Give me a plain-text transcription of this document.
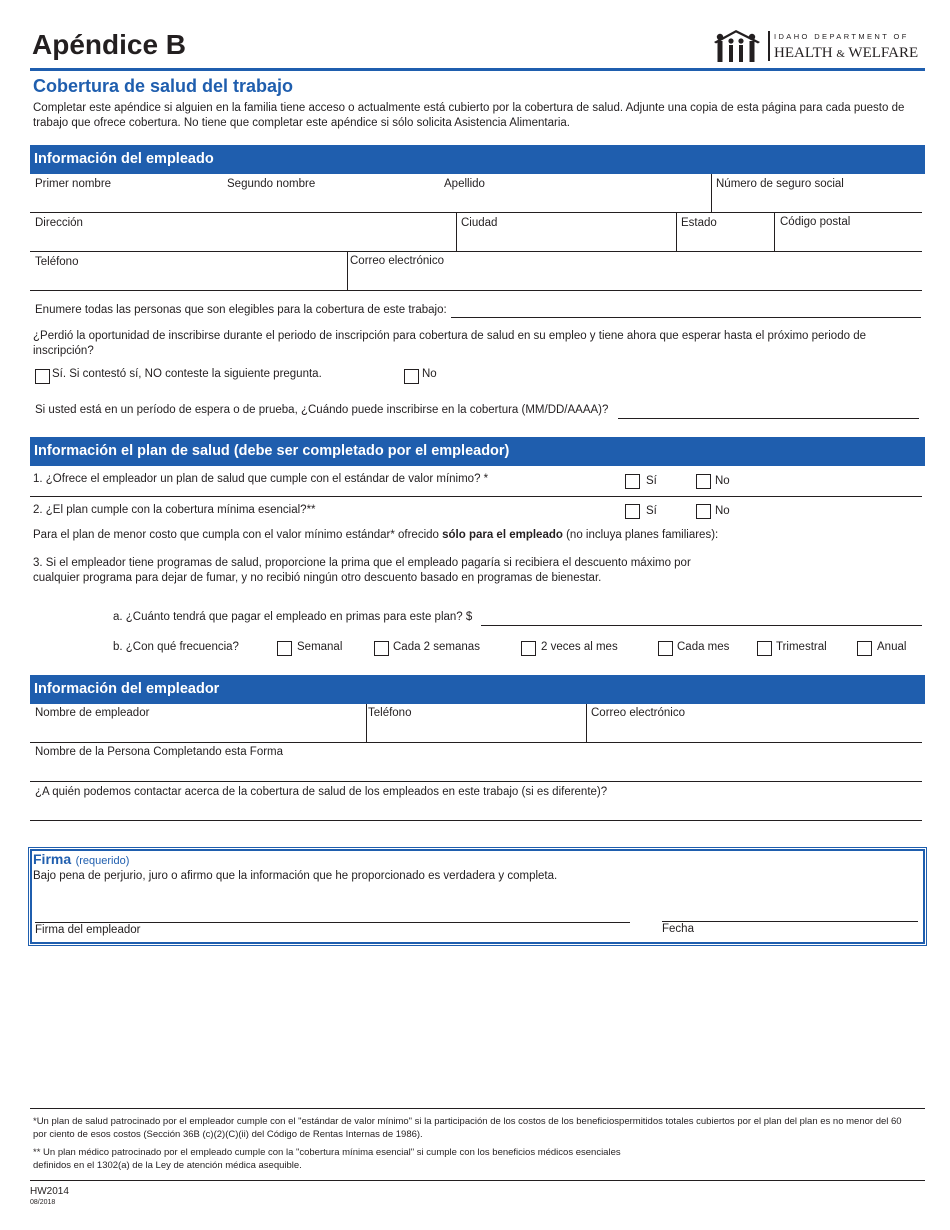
Apéndice B	IDAHO DEPARTMENT OF
HEALTH & WELFARE
Cobertura de salud del trabajo
Completar este apéndice si alguien en la familia tiene acceso o actualmente está cubierto por la cobertura de salud. Adjunte una copia de esta página para cada puesto de trabajo que ofrece cobertura. No tiene que completar este apéndice si sólo solicita Asistencia Alimentaria.
Información del empleado
Primer nombre	Segundo nombre	Apellido	Número de seguro social
Dirección	Ciudad	Estado	Código postal
Teléfono	Correo electrónico
Enumere todas las personas que son elegibles para la cobertura de este trabajo:
¿Perdió la oportunidad de inscribirse durante el periodo de inscripción para cobertura de salud en su empleo y tiene ahora que esperar hasta el próximo periodo de inscripción?
Sí. Si contestó sí, NO conteste la siguiente pregunta.	No
Si usted está en un período de espera o de prueba, ¿Cuándo puede inscribirse en la cobertura (MM/DD/AAAA)?
Información el plan de salud (debe ser completado por el empleador)
1. ¿Ofrece el empleador un plan de salud que cumple con el estándar de valor mínimo? *	Sí	No
2. ¿El plan cumple con la cobertura mínima esencial?**	Sí	No
Para el plan de menor costo que cumpla con el valor mínimo estándar* ofrecido sólo para el empleado (no incluya planes familiares):
3. Si el empleador tiene programas de salud, proporcione la prima que el empleado pagaría si recibiera el descuento máximo por
cualquier programa para dejar de fumar, y no recibió ningún otro descuento basado en programas de bienestar.
a. ¿Cuánto tendrá que pagar el empleado en primas para este plan? $
b. ¿Con qué frecuencia?	Semanal	Cada 2 semanas	2 veces al mes	Cada mes	Trimestral	Anual
Información del empleador
Nombre de empleador	Teléfono	Correo electrónico
Nombre de la Persona Completando esta Forma
¿A quién podemos contactar acerca de la cobertura de salud de los empleados en este trabajo (si es diferente)?
Firma (requerido)
Bajo pena de perjurio, juro o afirmo que la información que he proporcionado es verdadera y completa.
Firma del empleador	Fecha
*Un plan de salud patrocinado por el empleador cumple con el "estándar de valor mínimo" si la participación de los costos de los beneficiospermitidos totales cubiertos por el plan del plan es no menor del 60 por ciento de esos costos (Sección 36B (c)(2)(C)(ii) del Código de Rentas Internas de 1986).
** Un plan médico patrocinado por el empleado cumple con la "cobertura mínima esencial" si cumple con los beneficios médicos esenciales
definidos en el 1302(a) de la Ley de atención médica asequible.
HW2014
08/2018
